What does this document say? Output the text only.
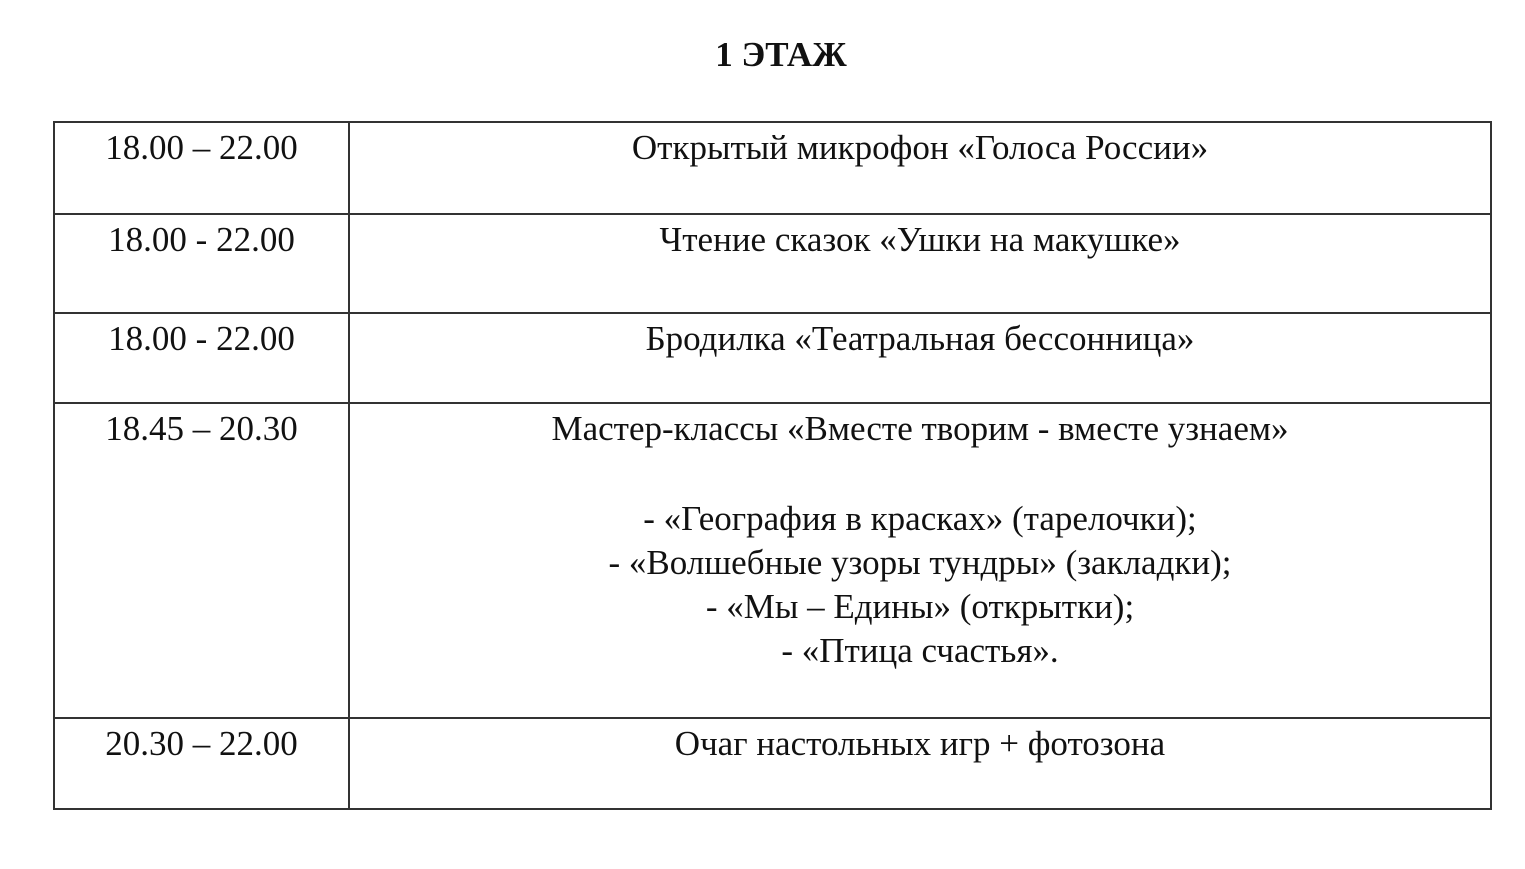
1 ЭТАЖ
18.00 – 22.00	Открытый микрофон «Голоса России»
18.00 - 22.00	Чтение сказок «Ушки на макушке»
18.00 - 22.00	Бродилка «Театральная бессонница»
18.45 – 20.30	Мастер-классы «Вместе творим - вместе узнаем»
- «География в красках» (тарелочки);
- «Волшебные узоры тундры» (закладки);
- «Мы – Едины» (открытки);
- «Птица счастья».

20.30 – 22.00	Очаг настольных игр + фотозона
